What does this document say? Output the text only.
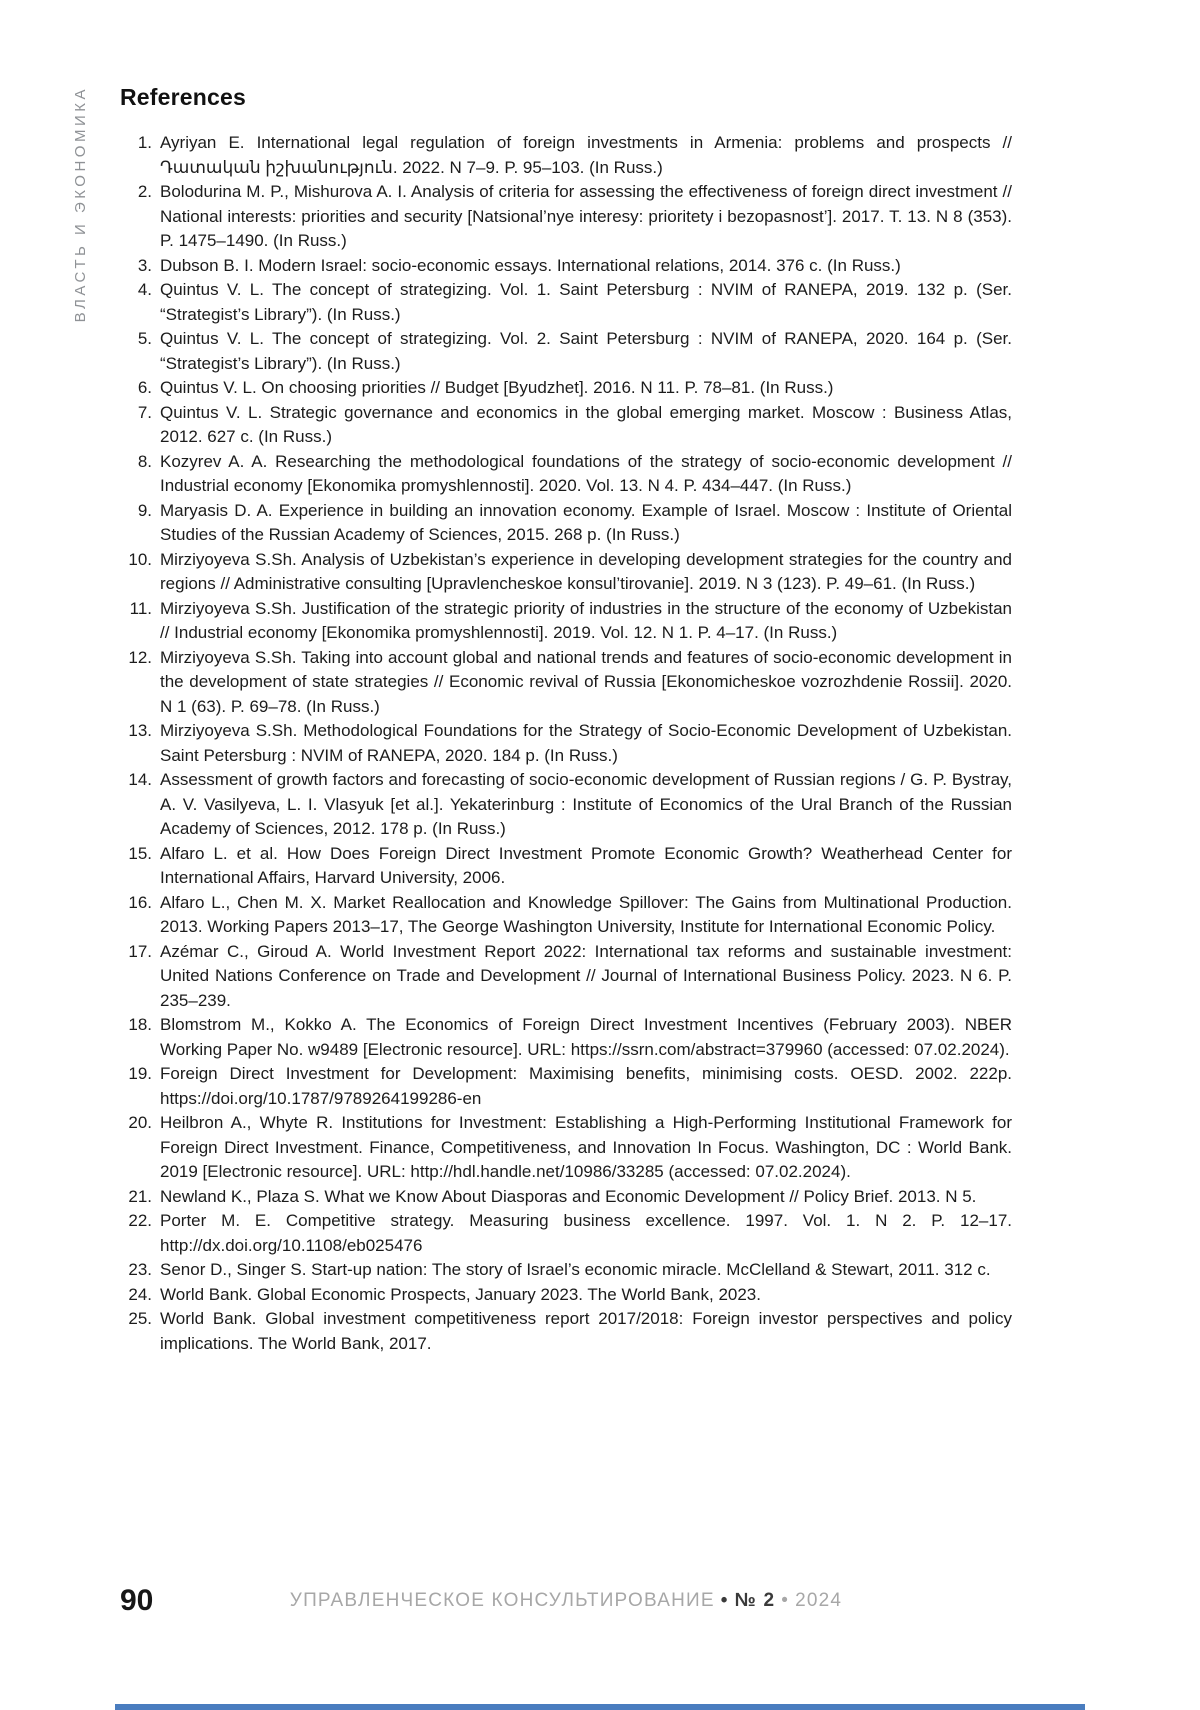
ВЛАСТЬ И ЭКОНОМИКА References
1. Ayriyan E. International legal regulation of foreign investments in Armenia: problems and prospects // Դատական իշխանություն. 2022. N 7–9. P. 95–103. (In Russ.)
2. Bolodurina M. P., Mishurova A. I. Analysis of criteria for assessing the effectiveness of foreign direct investment // National interests: priorities and security [Natsional’nye interesy: prioritety i bezopasnost’]. 2017. T. 13. N 8 (353). P. 1475–1490. (In Russ.)
3. Dubson B. I. Modern Israel: socio-economic essays. International relations, 2014. 376 c. (In Russ.)
4. Quintus V. L. The concept of strategizing. Vol. 1. Saint Petersburg : NVIM of RANEPA, 2019. 132 p. (Ser. “Strategist’s Library”). (In Russ.)
5. Quintus V. L. The concept of strategizing. Vol. 2. Saint Petersburg : NVIM of RANEPA, 2020. 164 p. (Ser. “Strategist’s Library”). (In Russ.)
6. Quintus V. L. On choosing priorities // Budget [Byudzhet]. 2016. N 11. P. 78–81. (In Russ.)
7. Quintus V. L. Strategic governance and economics in the global emerging market. Moscow : Business Atlas, 2012. 627 c. (In Russ.)
8. Kozyrev A. A. Researching the methodological foundations of the strategy of socio-economic development // Industrial economy [Ekonomika promyshlennosti]. 2020. Vol. 13. N 4. P. 434–447. (In Russ.)
9. Maryasis D. A. Experience in building an innovation economy. Example of Israel. Moscow : Institute of Oriental Studies of the Russian Academy of Sciences, 2015. 268 p. (In Russ.)
10. Mirziyoyeva S.Sh. Analysis of Uzbekistan’s experience in developing development strategies for the country and regions // Administrative consulting [Upravlencheskoe konsul’tirovanie]. 2019. N 3 (123). P. 49–61. (In Russ.)
11. Mirziyoyeva S.Sh. Justification of the strategic priority of industries in the structure of the economy of Uzbekistan // Industrial economy [Ekonomika promyshlennosti]. 2019. Vol. 12. N 1. P. 4–17. (In Russ.)
12. Mirziyoyeva S.Sh. Taking into account global and national trends and features of socio-economic development in the development of state strategies // Economic revival of Russia [Ekonomicheskoe vozrozhdenie Rossii]. 2020. N 1 (63). P. 69–78. (In Russ.)
13. Mirziyoyeva S.Sh. Methodological Foundations for the Strategy of Socio-Economic Development of Uzbekistan. Saint Petersburg : NVIM of RANEPA, 2020. 184 p. (In Russ.)
14. Assessment of growth factors and forecasting of socio-economic development of Russian regions / G. P. Bystray, A. V. Vasilyeva, L. I. Vlasyuk [et al.]. Yekaterinburg : Institute of Economics of the Ural Branch of the Russian Academy of Sciences, 2012. 178 p. (In Russ.)
15. Alfaro L. et al. How Does Foreign Direct Investment Promote Economic Growth? Weatherhead Center for International Affairs, Harvard University, 2006.
16. Alfaro L., Chen M. X. Market Reallocation and Knowledge Spillover: The Gains from Multinational Production. 2013. Working Papers 2013–17, The George Washington University, Institute for International Economic Policy.
17. Azémar C., Giroud A. World Investment Report 2022: International tax reforms and sustainable investment: United Nations Conference on Trade and Development // Journal of International Business Policy. 2023. N 6. P. 235–239.
18. Blomstrom M., Kokko A. The Economics of Foreign Direct Investment Incentives (February 2003). NBER Working Paper No. w9489 [Electronic resource]. URL: https://ssrn.com/abstract=379960 (accessed: 07.02.2024).
19. Foreign Direct Investment for Development: Maximising benefits, minimising costs. OESD. 2002. 222p. https://doi.org/10.1787/9789264199286-en
20. Heilbron A., Whyte R. Institutions for Investment: Establishing a High-Performing Institutional Framework for Foreign Direct Investment. Finance, Competitiveness, and Innovation In Focus. Washington, DC : World Bank. 2019 [Electronic resource]. URL: http://hdl.handle.net/10986/33285 (accessed: 07.02.2024).
21. Newland K., Plaza S. What we Know About Diasporas and Economic Development // Policy Brief. 2013. N 5.
22. Porter M. E. Competitive strategy. Measuring business excellence. 1997. Vol. 1. N 2. P. 12–17. http://dx.doi.org/10.1108/eb025476
23. Senor D., Singer S. Start-up nation: The story of Israel’s economic miracle. McClelland & Stewart, 2011. 312 c.
24. World Bank. Global Economic Prospects, January 2023. The World Bank, 2023.
25. World Bank. Global investment competitiveness report 2017/2018: Foreign investor perspectives and policy implications. The World Bank, 2017.
90	УПРАВЛЕНЧЕСКОЕ КОНСУЛЬТИРОВАНИЕ • № 2 • 2024
